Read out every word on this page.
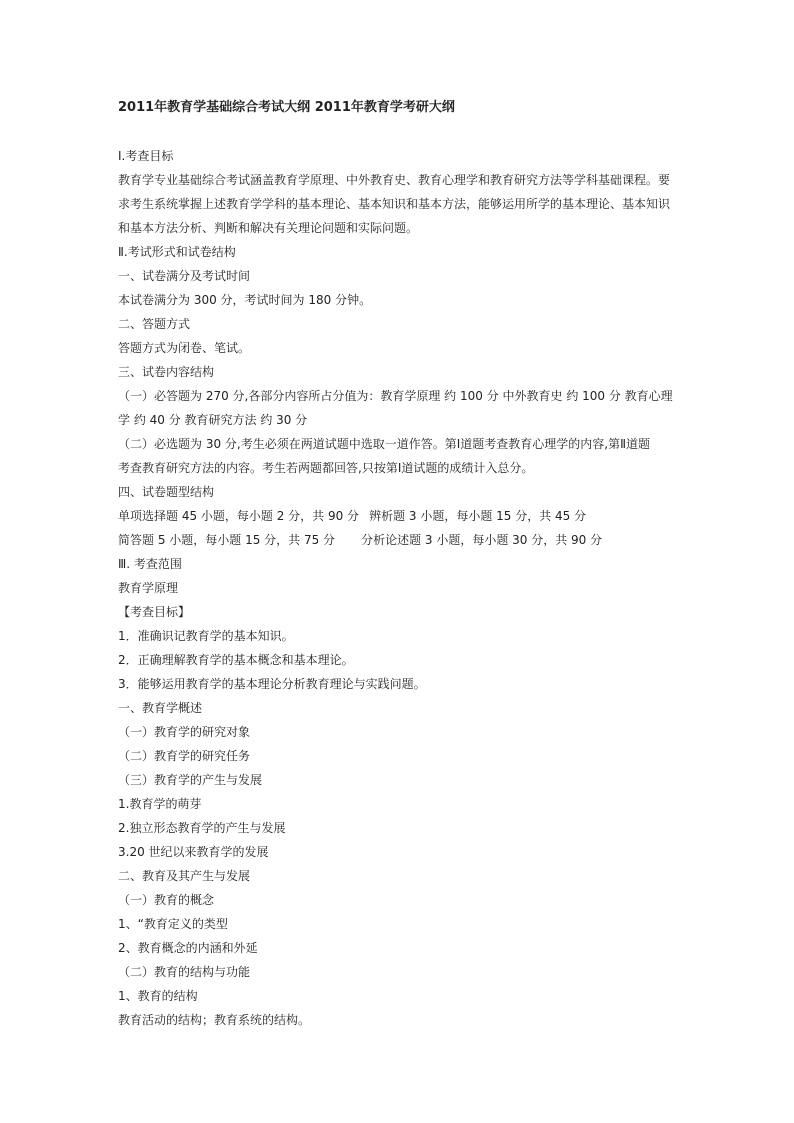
2011年教育学基础综合考试大纲 2011年教育学考研大纲
Ⅰ.考查目标
教育学专业基础综合考试涵盖教育学原理、中外教育史、教育心理学和教育研究方法等学科基础课程。要
求考生系统掌握上述教育学学科的基本理论、基本知识和基本方法，能够运用所学的基本理论、基本知识
和基本方法分析、判断和解决有关理论问题和实际问题。
Ⅱ.考试形式和试卷结构
一、试卷满分及考试时间
本试卷满分为 300 分，考试时间为 180 分钟。
二、答题方式
答题方式为闭卷、笔试。
三、试卷内容结构
（一）必答题为 270 分,各部分内容所占分值为：教育学原理 约 100 分 中外教育史 约 100 分 教育心理
学 约 40 分 教育研究方法 约 30 分
（二）必选题为 30 分,考生必须在两道试题中选取一道作答。第Ⅰ道题考查教育心理学的内容,第Ⅱ道题
考查教育研究方法的内容。考生若两题都回答,只按第Ⅰ道试题的成绩计入总分。
四、试卷题型结构
单项选择题 45 小题，每小题 2 分，共 90 分 辨析题 3 小题，每小题 15 分，共 45 分
简答题 5 小题，每小题 15 分，共 75 分 分析论述题 3 小题，每小题 30 分，共 90 分
Ⅲ. 考查范围
教育学原理
【考查目标】
1．准确识记教育学的基本知识。
2．正确理解教育学的基本概念和基本理论。
3．能够运用教育学的基本理论分析教育理论与实践问题。
一、教育学概述
（一）教育学的研究对象
（二）教育学的研究任务
（三）教育学的产生与发展
1.教育学的萌芽
2.独立形态教育学的产生与发展
3.20 世纪以来教育学的发展
二、教育及其产生与发展
（一）教育的概念
1、“教育定义的类型
2、教育概念的内涵和外延
（二）教育的结构与功能
1、教育的结构
教育活动的结构；教育系统的结构。
